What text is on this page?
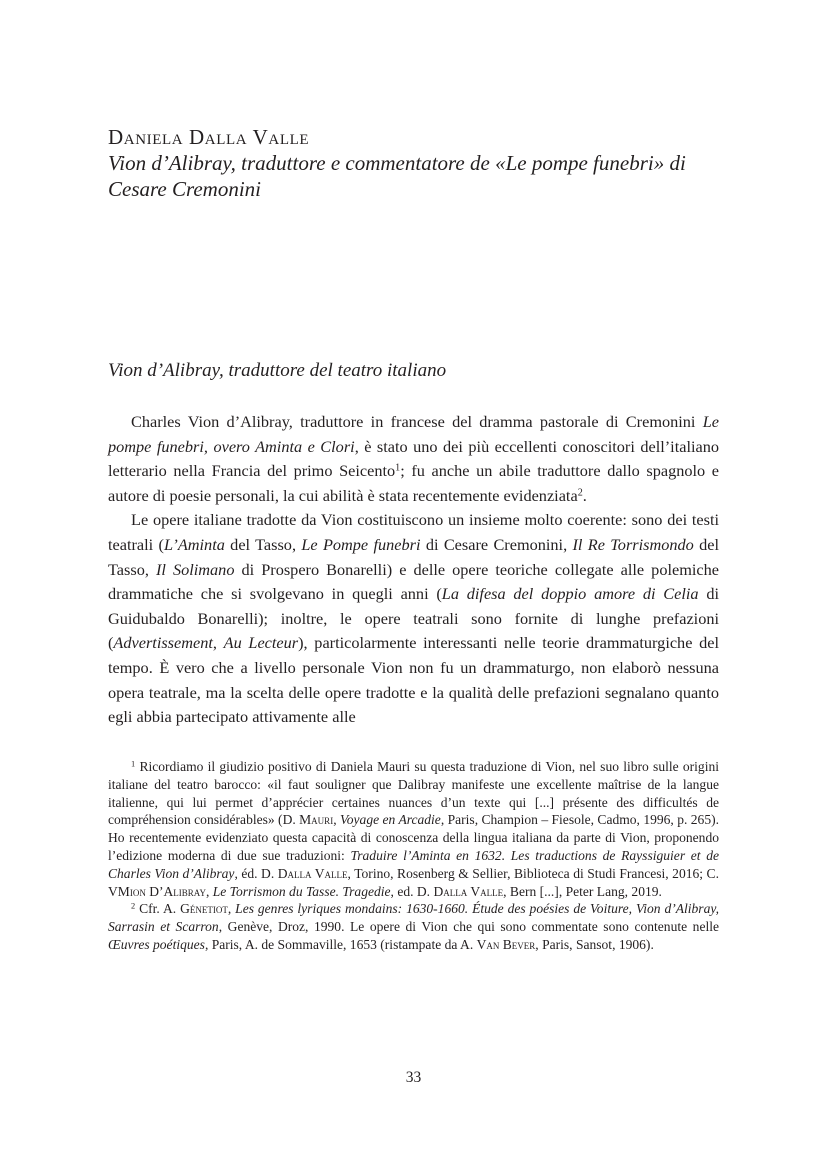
Daniela Dalla Valle
Vion d’Alibray, traduttore e commentatore de «Le pompe funebri» di Cesare Cremonini
Vion d’Alibray, traduttore del teatro italiano

Charles Vion d’Alibray, traduttore in francese del dramma pastorale di Cremonini Le pompe funebri, overo Aminta e Clori, è stato uno dei più eccellenti conoscitori dell’italiano letterario nella Francia del primo Seicento$^1$; fu anche un abile traduttore dallo spagnolo e autore di poesie personali, la cui abilità è stata recentemente evidenziata$^2$.

Le opere italiane tradotte da Vion costituiscono un insieme molto coerente: sono dei testi teatrali (L’Aminta del Tasso, Le Pompe funebri di Cesare Cremonini, Il Re Torrismondo del Tasso, Il Solimano di Prospero Bonarelli) e delle opere teoriche collegate alle polemiche drammatiche che si svolgevano in quegli anni (La difesa del doppio amore di Celia di Guidubaldo Bonarelli); inoltre, le opere teatrali sono fornite di lunghe prefazioni (Advertissement, Au Lecteur), particolarmente interessanti nelle teorie drammaturgiche del tempo. È vero che a livello personale Vion non fu un drammaturgo, non elaborò nessuna opera teatrale, ma la scelta delle opere tradotte e la qualità delle prefazioni segnalano quanto egli abbia partecipato attivamente alle

$^1$ Ricordiamo il giudizio positivo di Daniela Mauri su questa traduzione di Vion, nel suo libro sulle origini italiane del teatro barocco: «il faut souligner que Dalibray manifeste une excellente maîtrise de la langue italienne, qui lui permet d’apprécier certaines nuances d’un texte qui [...] présente des difficultés de compréhension considérables» (D. Mauri, Voyage en Arcadie, Paris, Champion – Fiesole, Cadmo, 1996, p. 265). Ho recentemente evidenziato questa capacità di conoscenza della lingua italiana da parte di Vion, proponendo l’edizione moderna di due sue traduzioni: Traduire l’Aminta en 1632. Les traductions de Rayssiguier et de Charles Vion d’Alibray, éd. D. Dalla Valle, Torino, Rosenberg & Sellier, Biblioteca di Studi Francesi, 2016; C. VMion D’Alibray, Le Torrismon du Tasse. Tragedie, ed. D. Dalla Valle, Bern [...], Peter Lang, 2019.

$^2$ Cfr. A. Génetiot, Les genres lyriques mondains: 1630-1660. Étude des poésies de Voiture, Vion d’Alibray, Sarrasin et Scarron, Genève, Droz, 1990. Le opere di Vion che qui sono commentate sono contenute nelle Œuvres poétiques, Paris, A. de Sommaville, 1653 (ristampate da A. Van Bever, Paris, Sansot, 1906).

33
